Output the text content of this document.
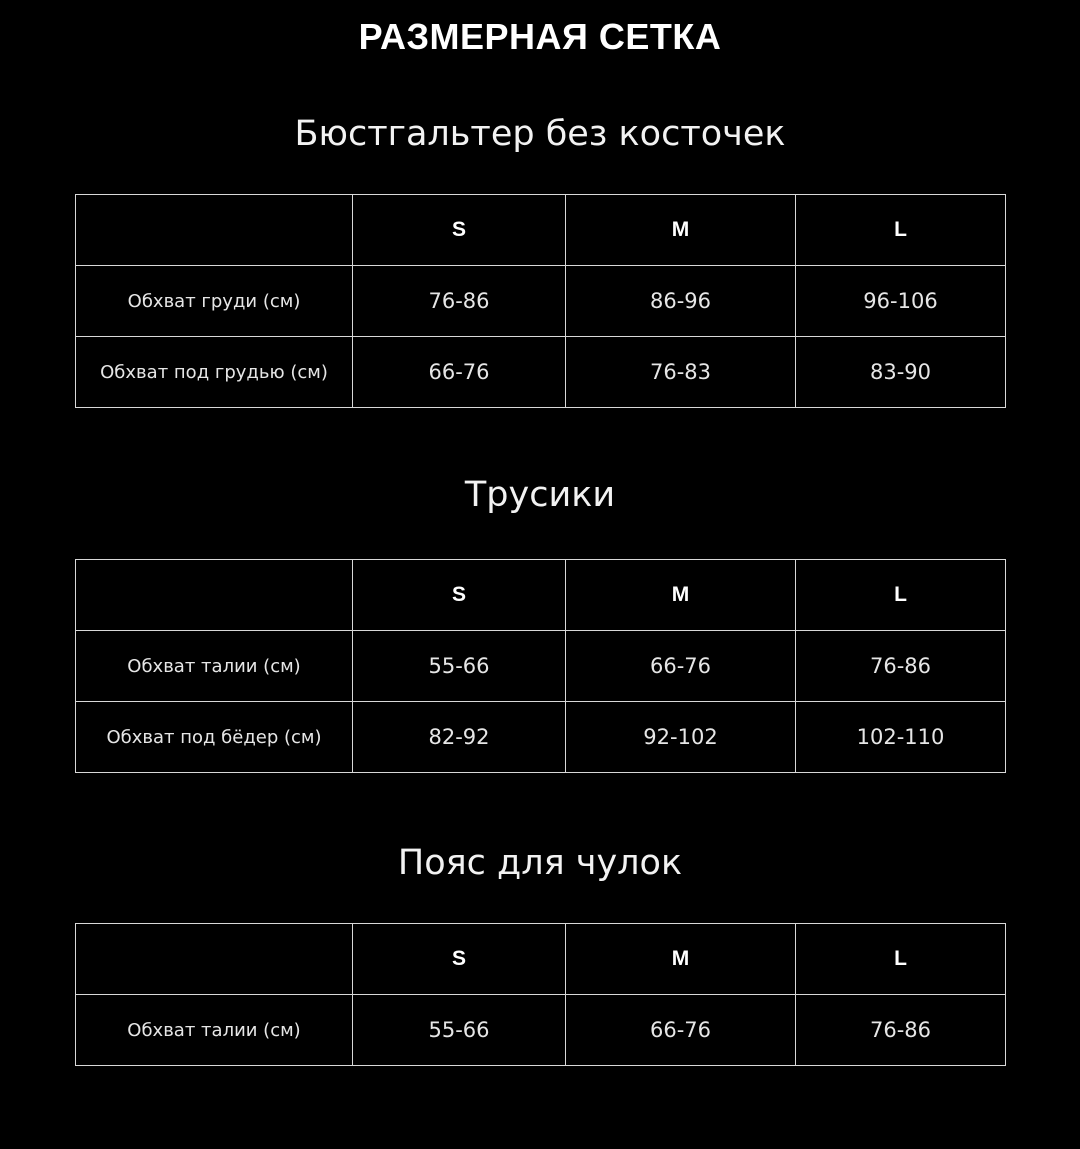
РАЗМЕРНАЯ СЕТКА
Бюстгальтер без косточек
	S	M	L
Обхват груди (см)	76-86	86-96	96-106
Обхват под грудью (см)	66-76	76-83	83-90
Трусики
	S	M	L
Обхват талии (см)	55-66	66-76	76-86
Обхват под бёдер (см)	82-92	92-102	102-110
Пояс для чулок
	S	M	L
Обхват талии (см)	55-66	66-76	76-86
